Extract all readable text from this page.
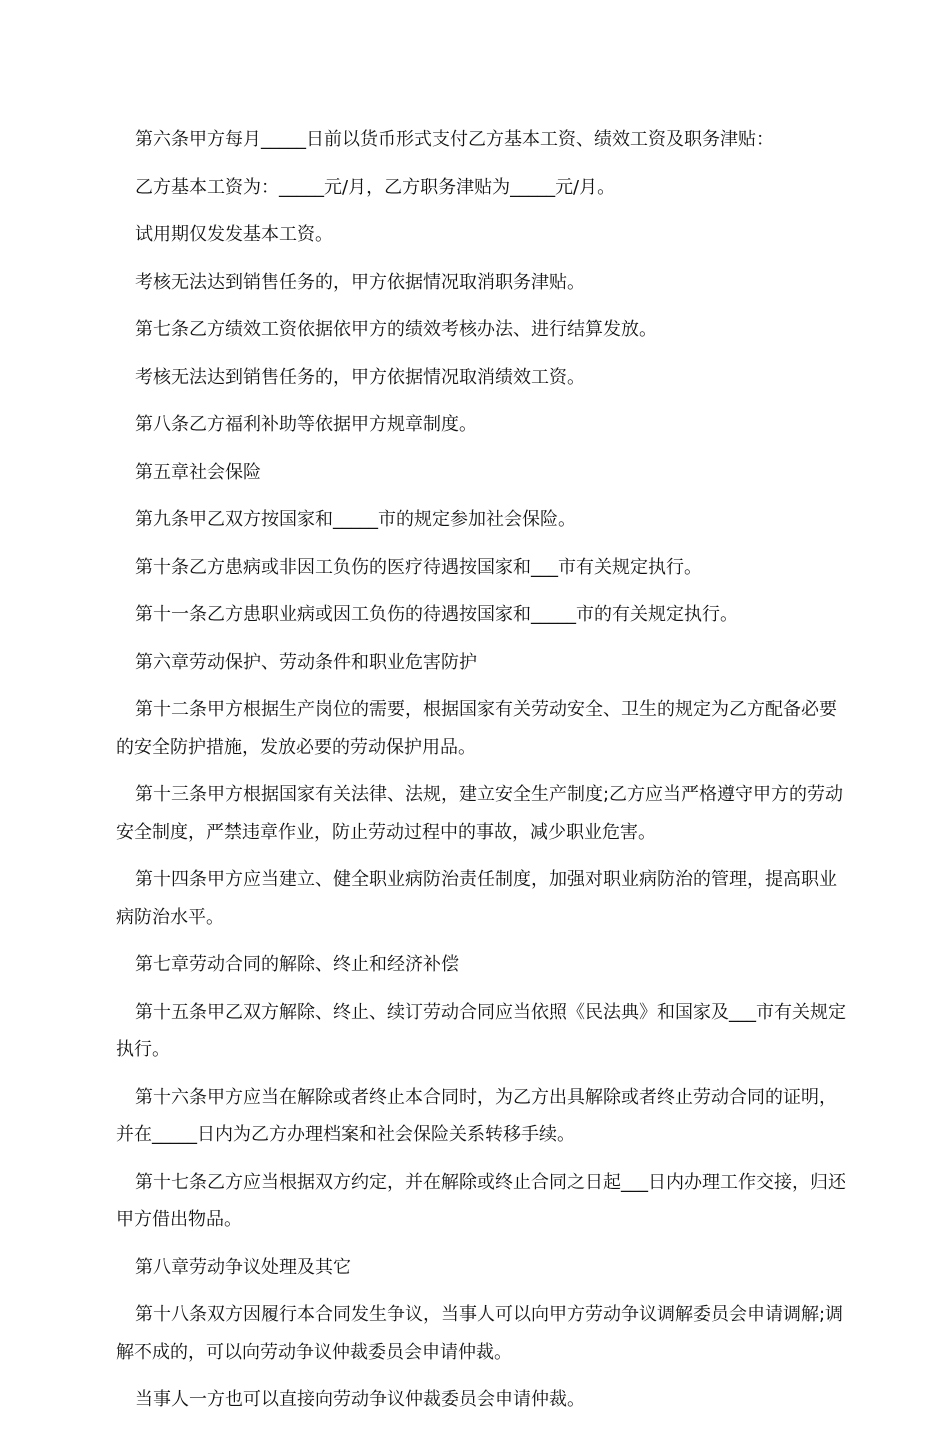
第六条甲方每月_____日前以货币形式支付乙方基本工资、绩效工资及职务津贴：

乙方基本工资为：_____元/月，乙方职务津贴为_____元/月。

试用期仅发发基本工资。

考核无法达到销售任务的，甲方依据情况取消职务津贴。

第七条乙方绩效工资依据依甲方的绩效考核办法、进行结算发放。

考核无法达到销售任务的，甲方依据情况取消绩效工资。

第八条乙方福利补助等依据甲方规章制度。

第五章社会保险

第九条甲乙双方按国家和_____市的规定参加社会保险。

第十条乙方患病或非因工负伤的医疗待遇按国家和___市有关规定执行。

第十一条乙方患职业病或因工负伤的待遇按国家和_____市的有关规定执行。

第六章劳动保护、劳动条件和职业危害防护

第十二条甲方根据生产岗位的需要，根据国家有关劳动安全、卫生的规定为乙方配备必要的安全防护措施，发放必要的劳动保护用品。

第十三条甲方根据国家有关法律、法规，建立安全生产制度;乙方应当严格遵守甲方的劳动安全制度，严禁违章作业，防止劳动过程中的事故，减少职业危害。

第十四条甲方应当建立、健全职业病防治责任制度，加强对职业病防治的管理，提高职业病防治水平。

第七章劳动合同的解除、终止和经济补偿

第十五条甲乙双方解除、终止、续订劳动合同应当依照《民法典》和国家及___市有关规定执行。

第十六条甲方应当在解除或者终止本合同时，为乙方出具解除或者终止劳动合同的证明，并在_____日内为乙方办理档案和社会保险关系转移手续。

第十七条乙方应当根据双方约定，并在解除或终止合同之日起___日内办理工作交接，归还甲方借出物品。

第八章劳动争议处理及其它

第十八条双方因履行本合同发生争议，当事人可以向甲方劳动争议调解委员会申请调解;调解不成的，可以向劳动争议仲裁委员会申请仲裁。

当事人一方也可以直接向劳动争议仲裁委员会申请仲裁。
